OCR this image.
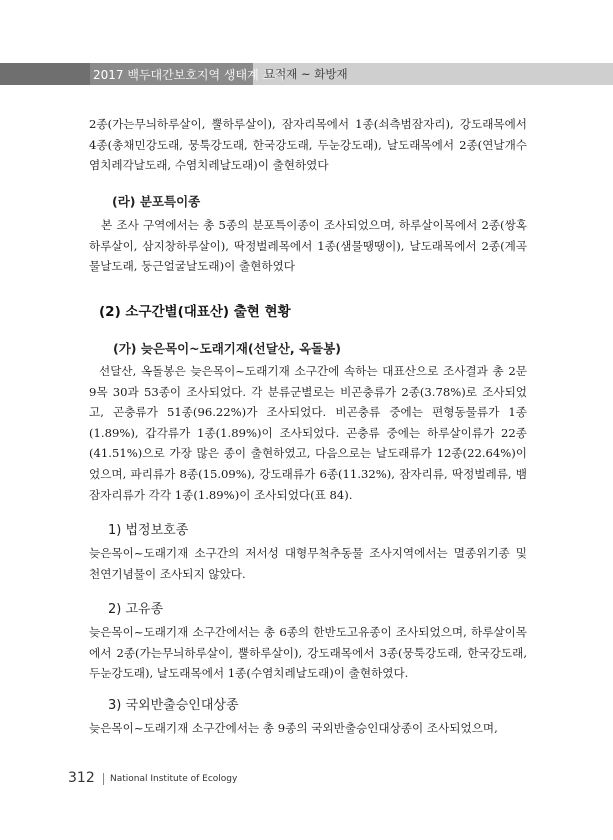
2017 백두대간보호지역 생태계 조사
묘적재 ~ 화방재

2종(가는무늬하루살이, 뿔하루살이), 잠자리목에서 1종(쇠측범잠자리), 강도래목에서 4종(총채민강도래, 뭉툭강도래, 한국강도래, 두눈강도래), 날도래목에서 2종(연날개수염치레각날도래, 수염치레날도래)이 출현하였다

(라) 분포특이종

본 조사 구역에서는 총 5종의 분포특이종이 조사되었으며, 하루살이목에서 2종(쌍혹하루살이, 삼지창하루살이), 딱정벌레목에서 1종(샘물땡땡이), 날도래목에서 2종(계곡물날도래, 둥근얼굴날도래)이 출현하였다

(2) 소구간별(대표산) 출현 현황
(가) 늦은목이~도래기재(선달산, 옥돌봉)

선달산, 옥돌봉은 늦은목이~도래기재 소구간에 속하는 대표산으로 조사결과 총 2문 9목 30과 53종이 조사되었다. 각 분류군별로는 비곤충류가 2종(3.78%)로 조사되었고, 곤충류가 51종(96.22%)가 조사되었다. 비곤충류 중에는 편형동물류가 1종(1.89%), 갑각류가 1종(1.89%)이 조사되었다. 곤충류 중에는 하루살이류가 22종(41.51%)으로 가장 많은 종이 출현하였고, 다음으로는 날도래류가 12종(22.64%)이었으며, 파리류가 8종(15.09%), 강도래류가 6종(11.32%), 잠자리류, 딱정벌레류, 뱀잠자리류가 각각 1종(1.89%)이 조사되었다(표 84).

1) 법정보호종

늦은목이~도래기재 소구간의 저서성 대형무척추동물 조사지역에서는 멸종위기종 및 천연기념물이 조사되지 않았다.

2) 고유종

늦은목이~도래기재 소구간에서는 총 6종의 한반도고유종이 조사되었으며, 하루살이목에서 2종(가는무늬하루살이, 뿔하루살이), 강도래목에서 3종(뭉툭강도래, 한국강도래, 두눈강도래), 날도래목에서 1종(수염치레날도래)이 출현하였다.

3) 국외반출승인대상종

늦은목이~도래기재 소구간에서는 총 9종의 국외반출승인대상종이 조사되었으며,

312 National Institute of Ecology
